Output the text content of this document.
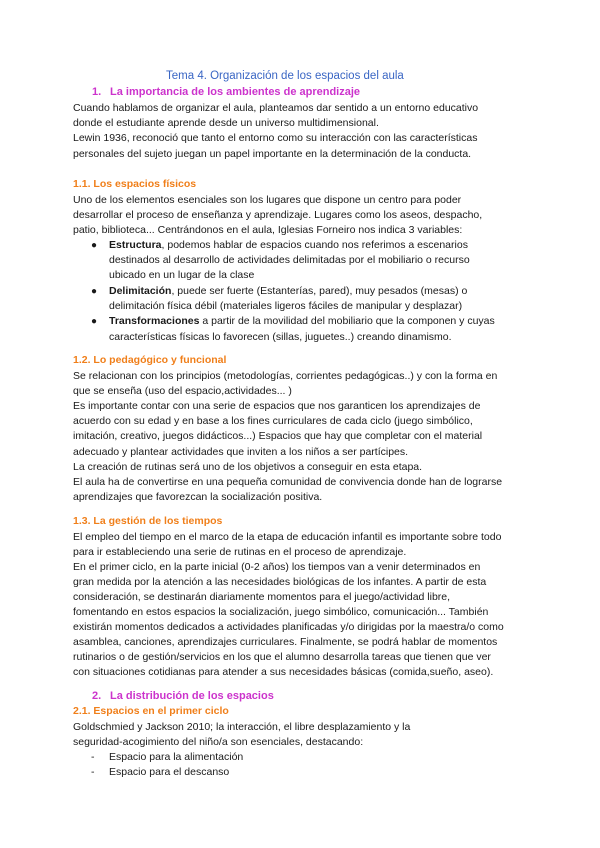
Tema 4. Organización de los espacios del aula
1. La importancia de los ambientes de aprendizaje
Cuando hablamos de organizar el aula, planteamos dar sentido a un entorno educativo
donde el estudiante aprende desde un universo multidimensional.
Lewin 1936, reconoció que tanto el entorno como su interacción con las características
personales del sujeto juegan un papel importante en la determinación de la conducta.
1.1. Los espacios físicos
Uno de los elementos esenciales son los lugares que dispone un centro para poder
desarrollar el proceso de enseñanza y aprendizaje. Lugares como los aseos, despacho,
patio, biblioteca... Centrándonos en el aula, Iglesias Forneiro nos indica 3 variables:
● Estructura, podemos hablar de espacios cuando nos referimos a escenarios
destinados al desarrollo de actividades delimitadas por el mobiliario o recurso
ubicado en un lugar de la clase
● Delimitación, puede ser fuerte (Estanterías, pared), muy pesados (mesas) o
delimitación física débil (materiales ligeros fáciles de manipular y desplazar)
● Transformaciones a partir de la movilidad del mobiliario que la componen y cuyas
características físicas lo favorecen (sillas, juguetes..) creando dinamismo.
1.2. Lo pedagógico y funcional
Se relacionan con los principios (metodologías, corrientes pedagógicas..) y con la forma en
que se enseña (uso del espacio,actividades... )
Es importante contar con una serie de espacios que nos garanticen los aprendizajes de
acuerdo con su edad y en base a los fines curriculares de cada ciclo (juego simbólico,
imitación, creativo, juegos didácticos...) Espacios que hay que completar con el material
adecuado y plantear actividades que inviten a los niños a ser partícipes.
La creación de rutinas será uno de los objetivos a conseguir en esta etapa.
El aula ha de convertirse en una pequeña comunidad de convivencia donde han de lograrse
aprendizajes que favorezcan la socialización positiva.
1.3. La gestión de los tiempos
El empleo del tiempo en el marco de la etapa de educación infantil es importante sobre todo
para ir estableciendo una serie de rutinas en el proceso de aprendizaje.
En el primer ciclo, en la parte inicial (0-2 años) los tiempos van a venir determinados en
gran medida por la atención a las necesidades biológicas de los infantes. A partir de esta
consideración, se destinarán diariamente momentos para el juego/actividad libre,
fomentando en estos espacios la socialización, juego simbólico, comunicación... También
existirán momentos dedicados a actividades planificadas y/o dirigidas por la maestra/o como
asamblea, canciones, aprendizajes curriculares. Finalmente, se podrá hablar de momentos
rutinarios o de gestión/servicios en los que el alumno desarrolla tareas que tienen que ver
con situaciones cotidianas para atender a sus necesidades básicas (comida,sueño, aseo).
2. La distribución de los espacios
2.1. Espacios en el primer ciclo
Goldschmied y Jackson 2010; la interacción, el libre desplazamiento y la
seguridad-acogimiento del niño/a son esenciales, destacando:
- Espacio para la alimentación
- Espacio para el descanso
